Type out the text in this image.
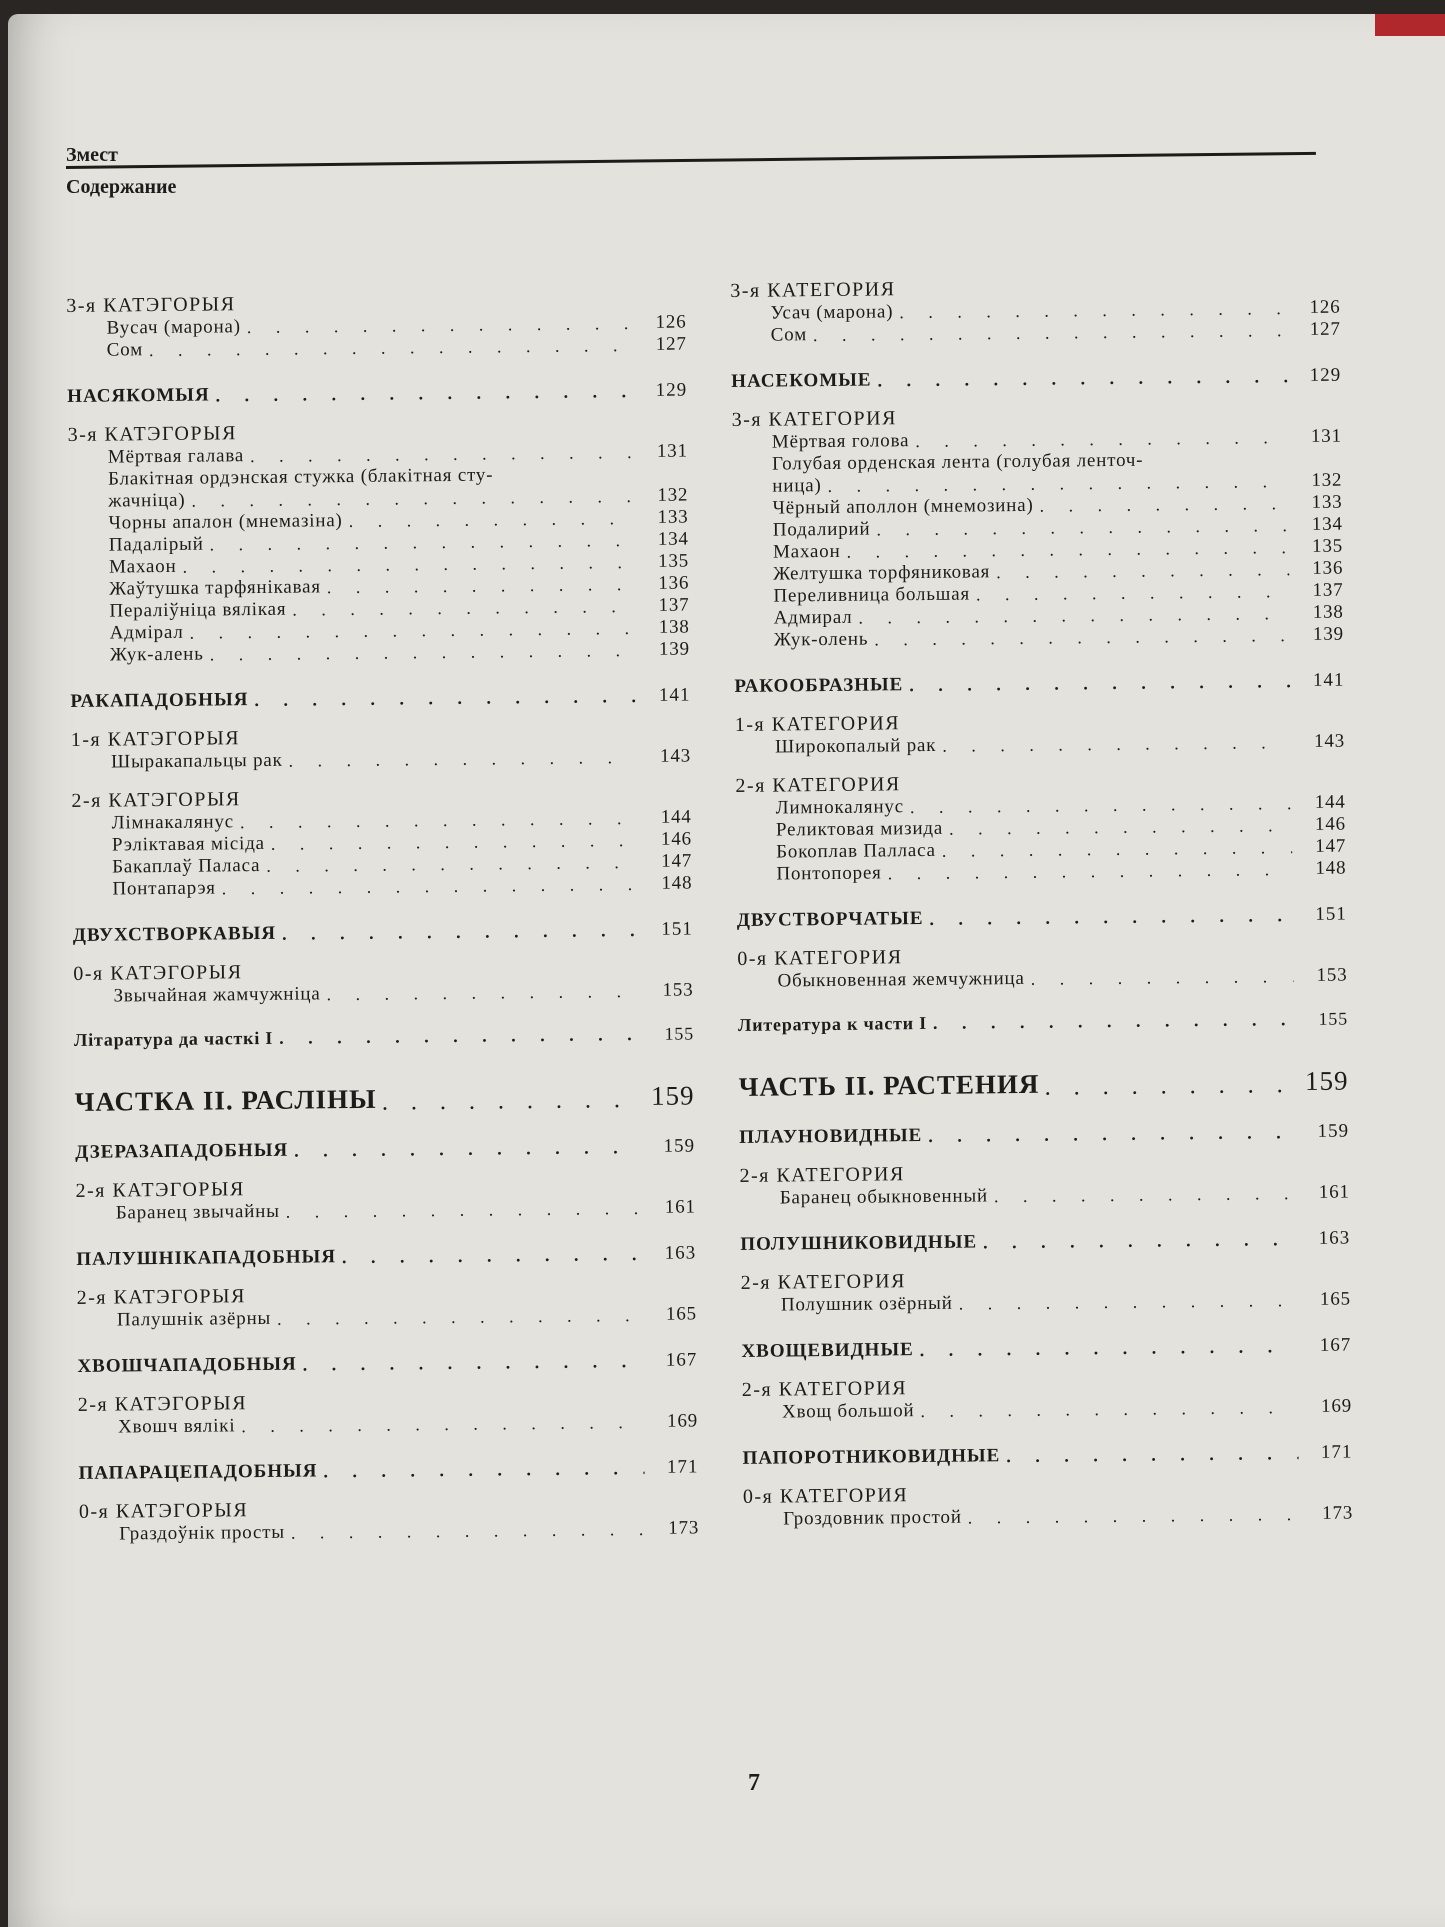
Змест
Содержание
3-я КАТЭГОРЫЯ
Вусач (марона) . . .	126
Сом . . .	127
НАСЯКОМЫЯ . . .	129
3-я КАТЭГОРЫЯ
Мёртвая галава . . .	131
Блакітная ордэнская стужка (блакітная сту-
жачніца) . . .	132
Чорны апалон (мнемазіна) . . .	133
Падалірый . . .	134
Махаон . . .	135
Жаўтушка тарфянікавая . . .	136
Пераліўніца вялікая . . .	137
Адмірал . . .	138
Жук-алень . . .	139
РАКАПАДОБНЫЯ . . .	141
1-я КАТЭГОРЫЯ
Шыракапальцы рак . . .	143
2-я КАТЭГОРЫЯ
Лімнакалянус . . .	144
Рэліктавая місіда . . .	146
Бакаплаў Паласа . . .	147
Понтапарэя . . .	148
ДВУХСТВОРКАВЫЯ . . .	151
0-я КАТЭГОРЫЯ
Звычайная жамчужніца . . .	153
Літаратура да часткі I . . .	155
ЧАСТКА II. РАСЛІНЫ . . .	159
ДЗЕРАЗАПАДОБНЫЯ . . .	159
2-я КАТЭГОРЫЯ
Баранец звычайны . . .	161
ПАЛУШНІКАПАДОБНЫЯ . . .	163
2-я КАТЭГОРЫЯ
Палушнік азёрны . . .	165
ХВОШЧАПАДОБНЫЯ . . .	167
2-я КАТЭГОРЫЯ
Хвошч вялікі . . .	169
ПАПАРАЦЕПАДОБНЫЯ . . .	171
0-я КАТЭГОРЫЯ
Граздоўнік просты . . .	173
3-я КАТЕГОРИЯ
Усач (марона) . . .	126
Сом . . .	127
НАСЕКОМЫЕ . . .	129
3-я КАТЕГОРИЯ
Мёртвая голова . . .	131
Голубая орденская лента (голубая ленточ-
ница) . . .	132
Чёрный аполлон (мнемозина) . . .	133
Подалирий . . .	134
Махаон . . .	135
Желтушка торфяниковая . . .	136
Переливница большая . . .	137
Адмирал . . .	138
Жук-олень . . .	139
РАКООБРАЗНЫЕ . . .	141
1-я КАТЕГОРИЯ
Широкопалый рак . . .	143
2-я КАТЕГОРИЯ
Лимнокалянус . . .	144
Реликтовая мизида . . .	146
Бокоплав Палласа . . .	147
Понтопорея . . .	148
ДВУСТВОРЧАТЫЕ . . .	151
0-я КАТЕГОРИЯ
Обыкновенная жемчужница . . .	153
Литература к части I . . .	155
ЧАСТЬ II. РАСТЕНИЯ . . .	159
ПЛАУНОВИДНЫЕ . . .	159
2-я КАТЕГОРИЯ
Баранец обыкновенный . . .	161
ПОЛУШНИКОВИДНЫЕ . . .	163
2-я КАТЕГОРИЯ
Полушник озёрный . . .	165
ХВОЩЕВИДНЫЕ . . .	167
2-я КАТЕГОРИЯ
Хвощ большой . . .	169
ПАПОРОТНИКОВИДНЫЕ . . .	171
0-я КАТЕГОРИЯ
Гроздовник простой . . .	173
7
